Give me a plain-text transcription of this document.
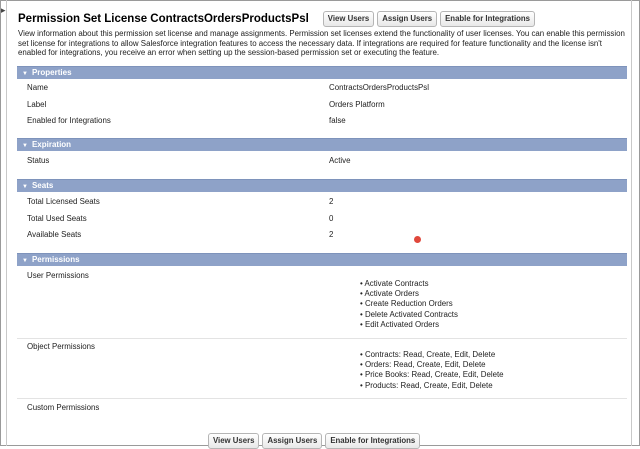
▸
Permission Set License ContractsOrdersProductsPsl	View Users	Assign Users	Enable for Integrations
View information about this permission set license and manage assignments. Permission set licenses extend the functionality of user licenses. You can enable this permission set license for integrations to allow Salesforce integration features to access the necessary data. If integrations are required for feature functionality and the license isn't enabled for integrations, you receive an error when setting up the session-based permission set or executing the feature.
▼ Properties
Name	ContractsOrdersProductsPsl
Label	Orders Platform
Enabled for Integrations	false
▼ Expiration
Status	Active
▼ Seats
Total Licensed Seats	2
Total Used Seats	0
Available Seats	2
▼ Permissions
User Permissions
• Activate Contracts
• Activate Orders
• Create Reduction Orders
• Delete Activated Contracts
• Edit Activated Orders
Object Permissions
• Contracts: Read, Create, Edit, Delete
• Orders: Read, Create, Edit, Delete
• Price Books: Read, Create, Edit, Delete
• Products: Read, Create, Edit, Delete
Custom Permissions
View Users	Assign Users	Enable for Integrations
